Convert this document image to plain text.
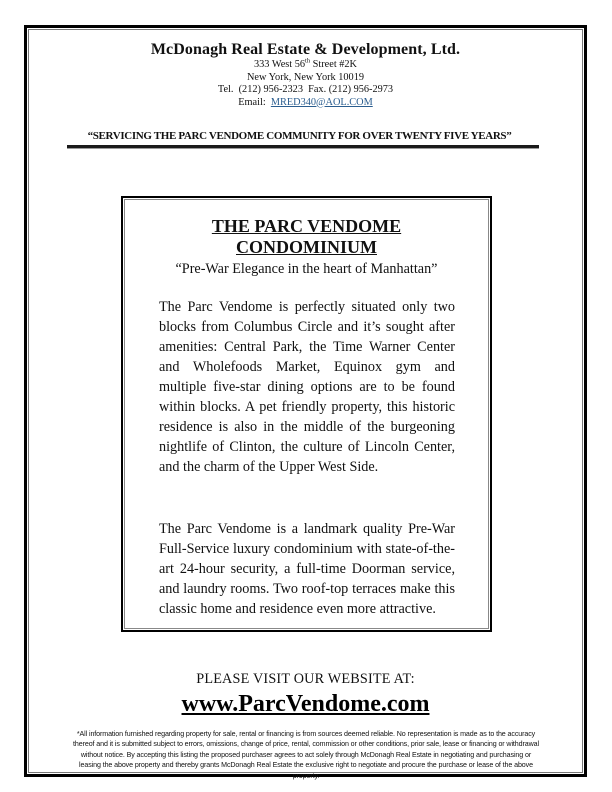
McDonagh Real Estate & Development, Ltd.

333 West 56th Street #2K

New York, New York 10019

Tel.  (212) 956-2323  Fax. (212) 956-2973

Email:  MRED340@AOL.COM

“SERVICING THE PARC VENDOME COMMUNITY FOR OVER TWENTY FIVE YEARS”

THE PARC VENDOME
CONDOMINIUM

“Pre-War Elegance in the heart of Manhattan”

The Parc Vendome is perfectly situated only two blocks from Columbus Circle and it’s sought after amenities: Central Park, the Time Warner Center and Wholefoods Market, Equinox gym and multiple five-star dining options are to be found within blocks. A pet friendly property, this historic residence is also in the middle of the burgeoning nightlife of Clinton, the culture of Lincoln Center, and the charm of the Upper West Side.

The Parc Vendome is a landmark quality Pre-War Full-Service luxury condominium with state-of-the-art 24-hour security, a full-time Doorman service, and laundry rooms. Two roof-top terraces make this classic home and residence even more attractive.

PLEASE VISIT OUR WEBSITE AT:

www.ParcVendome.com

*All information furnished regarding property for sale, rental or financing is from sources deemed reliable. No representation is made as to the accuracy thereof and it is submitted subject to errors, omissions, change of price, rental, commission or other conditions, prior sale, lease or financing or withdrawal without notice. By accepting this listing the proposed purchaser agrees to act solely through McDonagh Real Estate in negotiating and purchasing or leasing the above property and thereby grants McDonagh Real Estate the exclusive right to negotiate and procure the purchase or lease of the above property.
